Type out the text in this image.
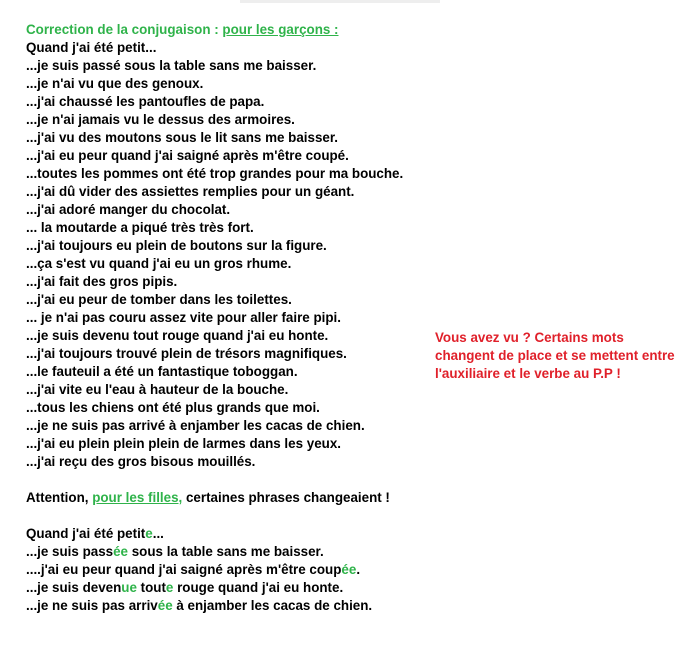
Correction de la conjugaison : pour les garçons :
Quand j'ai été petit...
...je suis passé sous la table sans me baisser.
...je n'ai vu que des genoux.
...j'ai chaussé les pantoufles de papa.
...je n'ai jamais vu le dessus des armoires.
...j'ai vu des moutons sous le lit sans me baisser.
...j'ai eu peur quand j'ai saigné après m'être coupé.
...toutes les pommes ont été trop grandes pour ma bouche.
...j'ai dû vider des assiettes remplies pour un géant.
...j'ai adoré manger du chocolat.
... la moutarde a piqué très très fort.
...j'ai toujours eu plein de boutons sur la figure.
...ça s'est vu quand j'ai eu un gros rhume.
...j'ai fait des gros pipis.
...j'ai eu peur de tomber dans les toilettes.
... je n'ai pas couru assez vite pour aller faire pipi.
...je suis devenu tout rouge quand j'ai eu honte.
...j'ai toujours trouvé plein de trésors magnifiques.
...le fauteuil a été un fantastique toboggan.
...j'ai vite eu l'eau à hauteur de la bouche.
...tous les chiens ont été plus grands que moi.
...je ne suis pas arrivé à enjamber les cacas de chien.
...j'ai eu plein plein plein de larmes dans les yeux.
...j'ai reçu des gros bisous mouillés.
Attention, pour les filles, certaines phrases changeaient !
Quand j'ai été petite...
...je suis passée sous la table sans me baisser.
....j'ai eu peur quand j'ai saigné après m'être coupée.
...je suis devenue toute rouge quand j'ai eu honte.
...je ne suis pas arrivée à enjamber les cacas de chien.
Vous avez vu ? Certains mots changent de place et se mettent entre l'auxiliaire et le verbe au P.P !
